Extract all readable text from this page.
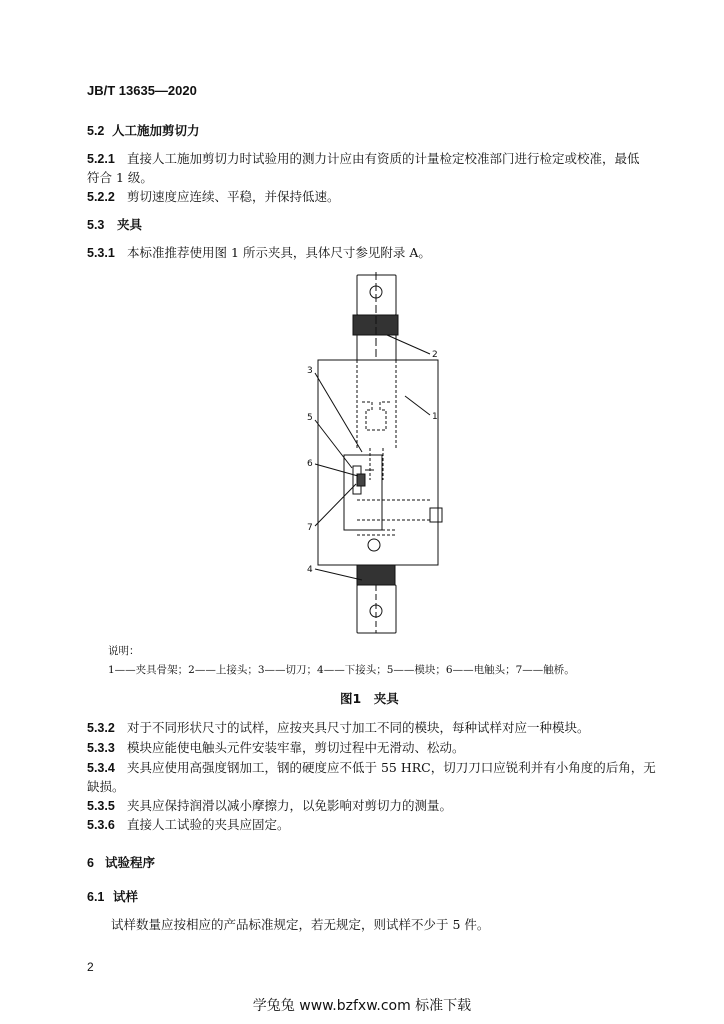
JB/T 13635—2020
5.2 人工施加剪切力
5.2.1 直接人工施加剪切力时试验用的测力计应由有资质的计量检定校准部门进行检定或校准，最低
符合 1 级。
5.2.2 剪切速度应连续、平稳，并保持低速。
5.3 夹具
5.3.1 本标准推荐使用图 1 所示夹具，具体尺寸参见附录 A。
3
5
6
7
4
2
1
说明：
1——夹具骨架；2——上接头；3——切刀；4——下接头；5——模块；6——电触头；7——触桥。
图1　夹具
5.3.2 对于不同形状尺寸的试样，应按夹具尺寸加工不同的模块，每种试样对应一种模块。
5.3.3 模块应能使电触头元件安装牢靠，剪切过程中无滑动、松动。
5.3.4 夹具应使用高强度钢加工，钢的硬度应不低于 55 HRC，切刀刀口应锐利并有小角度的后角，无
缺损。
5.3.5 夹具应保持润滑以减小摩擦力，以免影响对剪切力的测量。
5.3.6 直接人工试验的夹具应固定。
6 试验程序
6.1 试样
试样数量应按相应的产品标准规定，若无规定，则试样不少于 5 件。
2
学兔兔 www.bzfxw.com 标准下载
